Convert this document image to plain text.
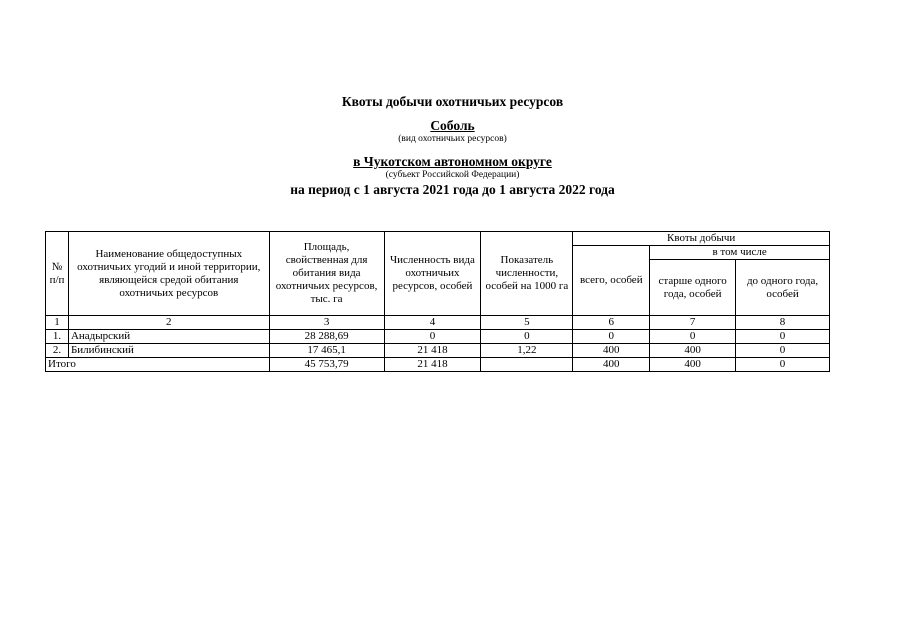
Квоты добычи охотничьих ресурсов
Соболь
(вид охотничьих ресурсов)
в Чукотском автономном округе
(субъект Российской Федерации)
на период с 1 августа 2021 года до 1 августа 2022 года
№ п/п	Наименование общедоступных охотничьих угодий и иной территории, являющейся средой обитания охотничьих ресурсов	Площадь, свойственная для обитания вида охотничьих ресурсов, тыс. га	Численность вида охотничьих ресурсов, особей	Показатель численности, особей на 1000 га	Квоты добычи		
					всего, особей	в том числе	
						старше одного года, особей	до одного года, особей
1	2	3	4	5	6	7	8
1.	Анадырский	28 288,69	0	0	0	0	0
2.	Билибинский	17 465,1	21 418	1,22	400	400	0
Итого		45 753,79	21 418		400	400	0
